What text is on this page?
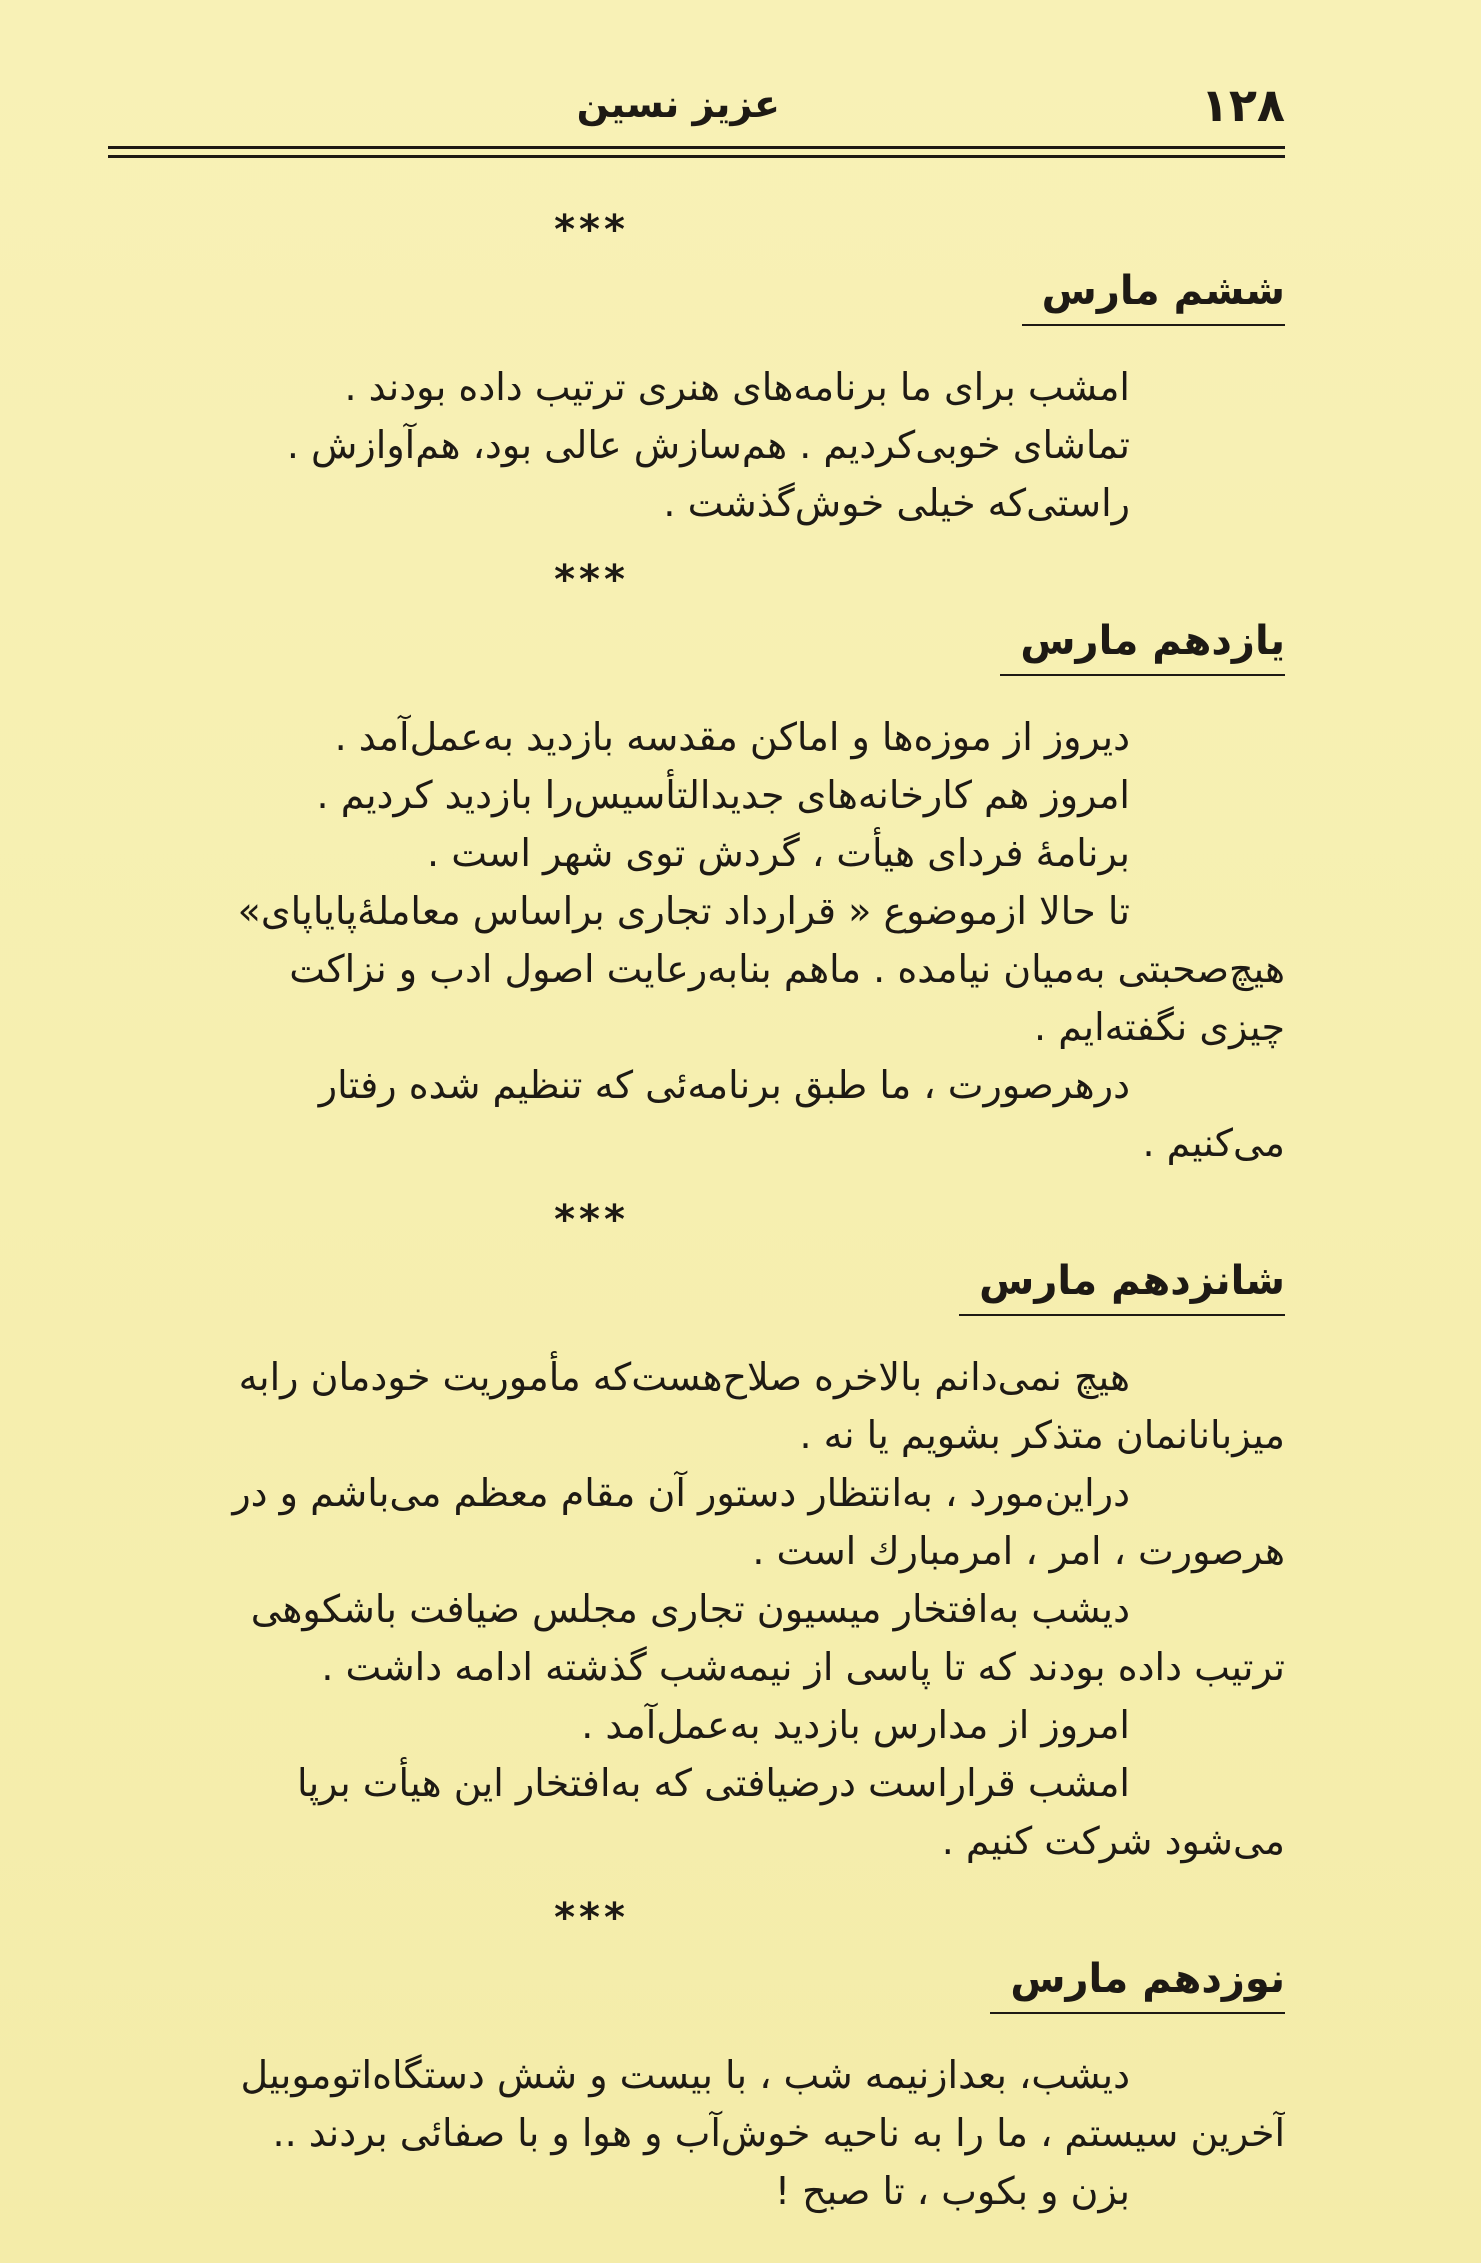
۱۲۸
عزیز نسین
***
ششم مارس
امشب برای ما برنامه‌های هنری ترتیب داده بودند .
تماشای خوبی‌کردیم . هم‌سازش عالی بود، هم‌آوازش .
راستی‌که خیلی خوش‌گذشت .
***
یازدهم مارس
دیروز از موزه‌ها و اماکن مقدسه بازدید به‌عمل‌آمد .
امروز هم کارخانه‌های جدیدالتأسیس‌را بازدید کردیم .
برنامۀ فردای هیأت ، گردش توی شهر است .
تا حالا ازموضوع « قرارداد تجاری براساس معاملۀپایاپای»
هیچ‌صحبتی به‌میان نیامده . ماهم بنابه‌رعایت اصول ادب و نزاکت
چیزی نگفته‌ایم .
درهرصورت ، ما طبق برنامه‌ئی که تنظیم شده رفتار
می‌کنیم .
***
شانزدهم مارس
هیچ نمی‌دانم بالاخره صلاح‌هست‌که مأموریت خودمان رابه
میزبانانمان متذکر بشویم یا نه .
دراین‌مورد ، به‌انتظار دستور آن مقام معظم می‌باشم و در
هرصورت ، امر ، امرمبارك است .
دیشب به‌افتخار میسیون تجاری مجلس ضیافت باشکوهی
ترتیب داده بودند که تا پاسی از نیمه‌شب گذشته ادامه داشت .
امروز از مدارس بازدید به‌عمل‌آمد .
امشب قراراست درضیافتی که به‌افتخار این هیأت برپا
می‌شود شرکت کنیم .
***
نوزدهم مارس
دیشب، بعدازنیمه شب ، با بیست و شش دستگاه‌اتوموبیل
آخرین سیستم ، ما را به ناحیه خوش‌آب و هوا و با صفائی بردند ..
بزن و بکوب ، تا صبح !
